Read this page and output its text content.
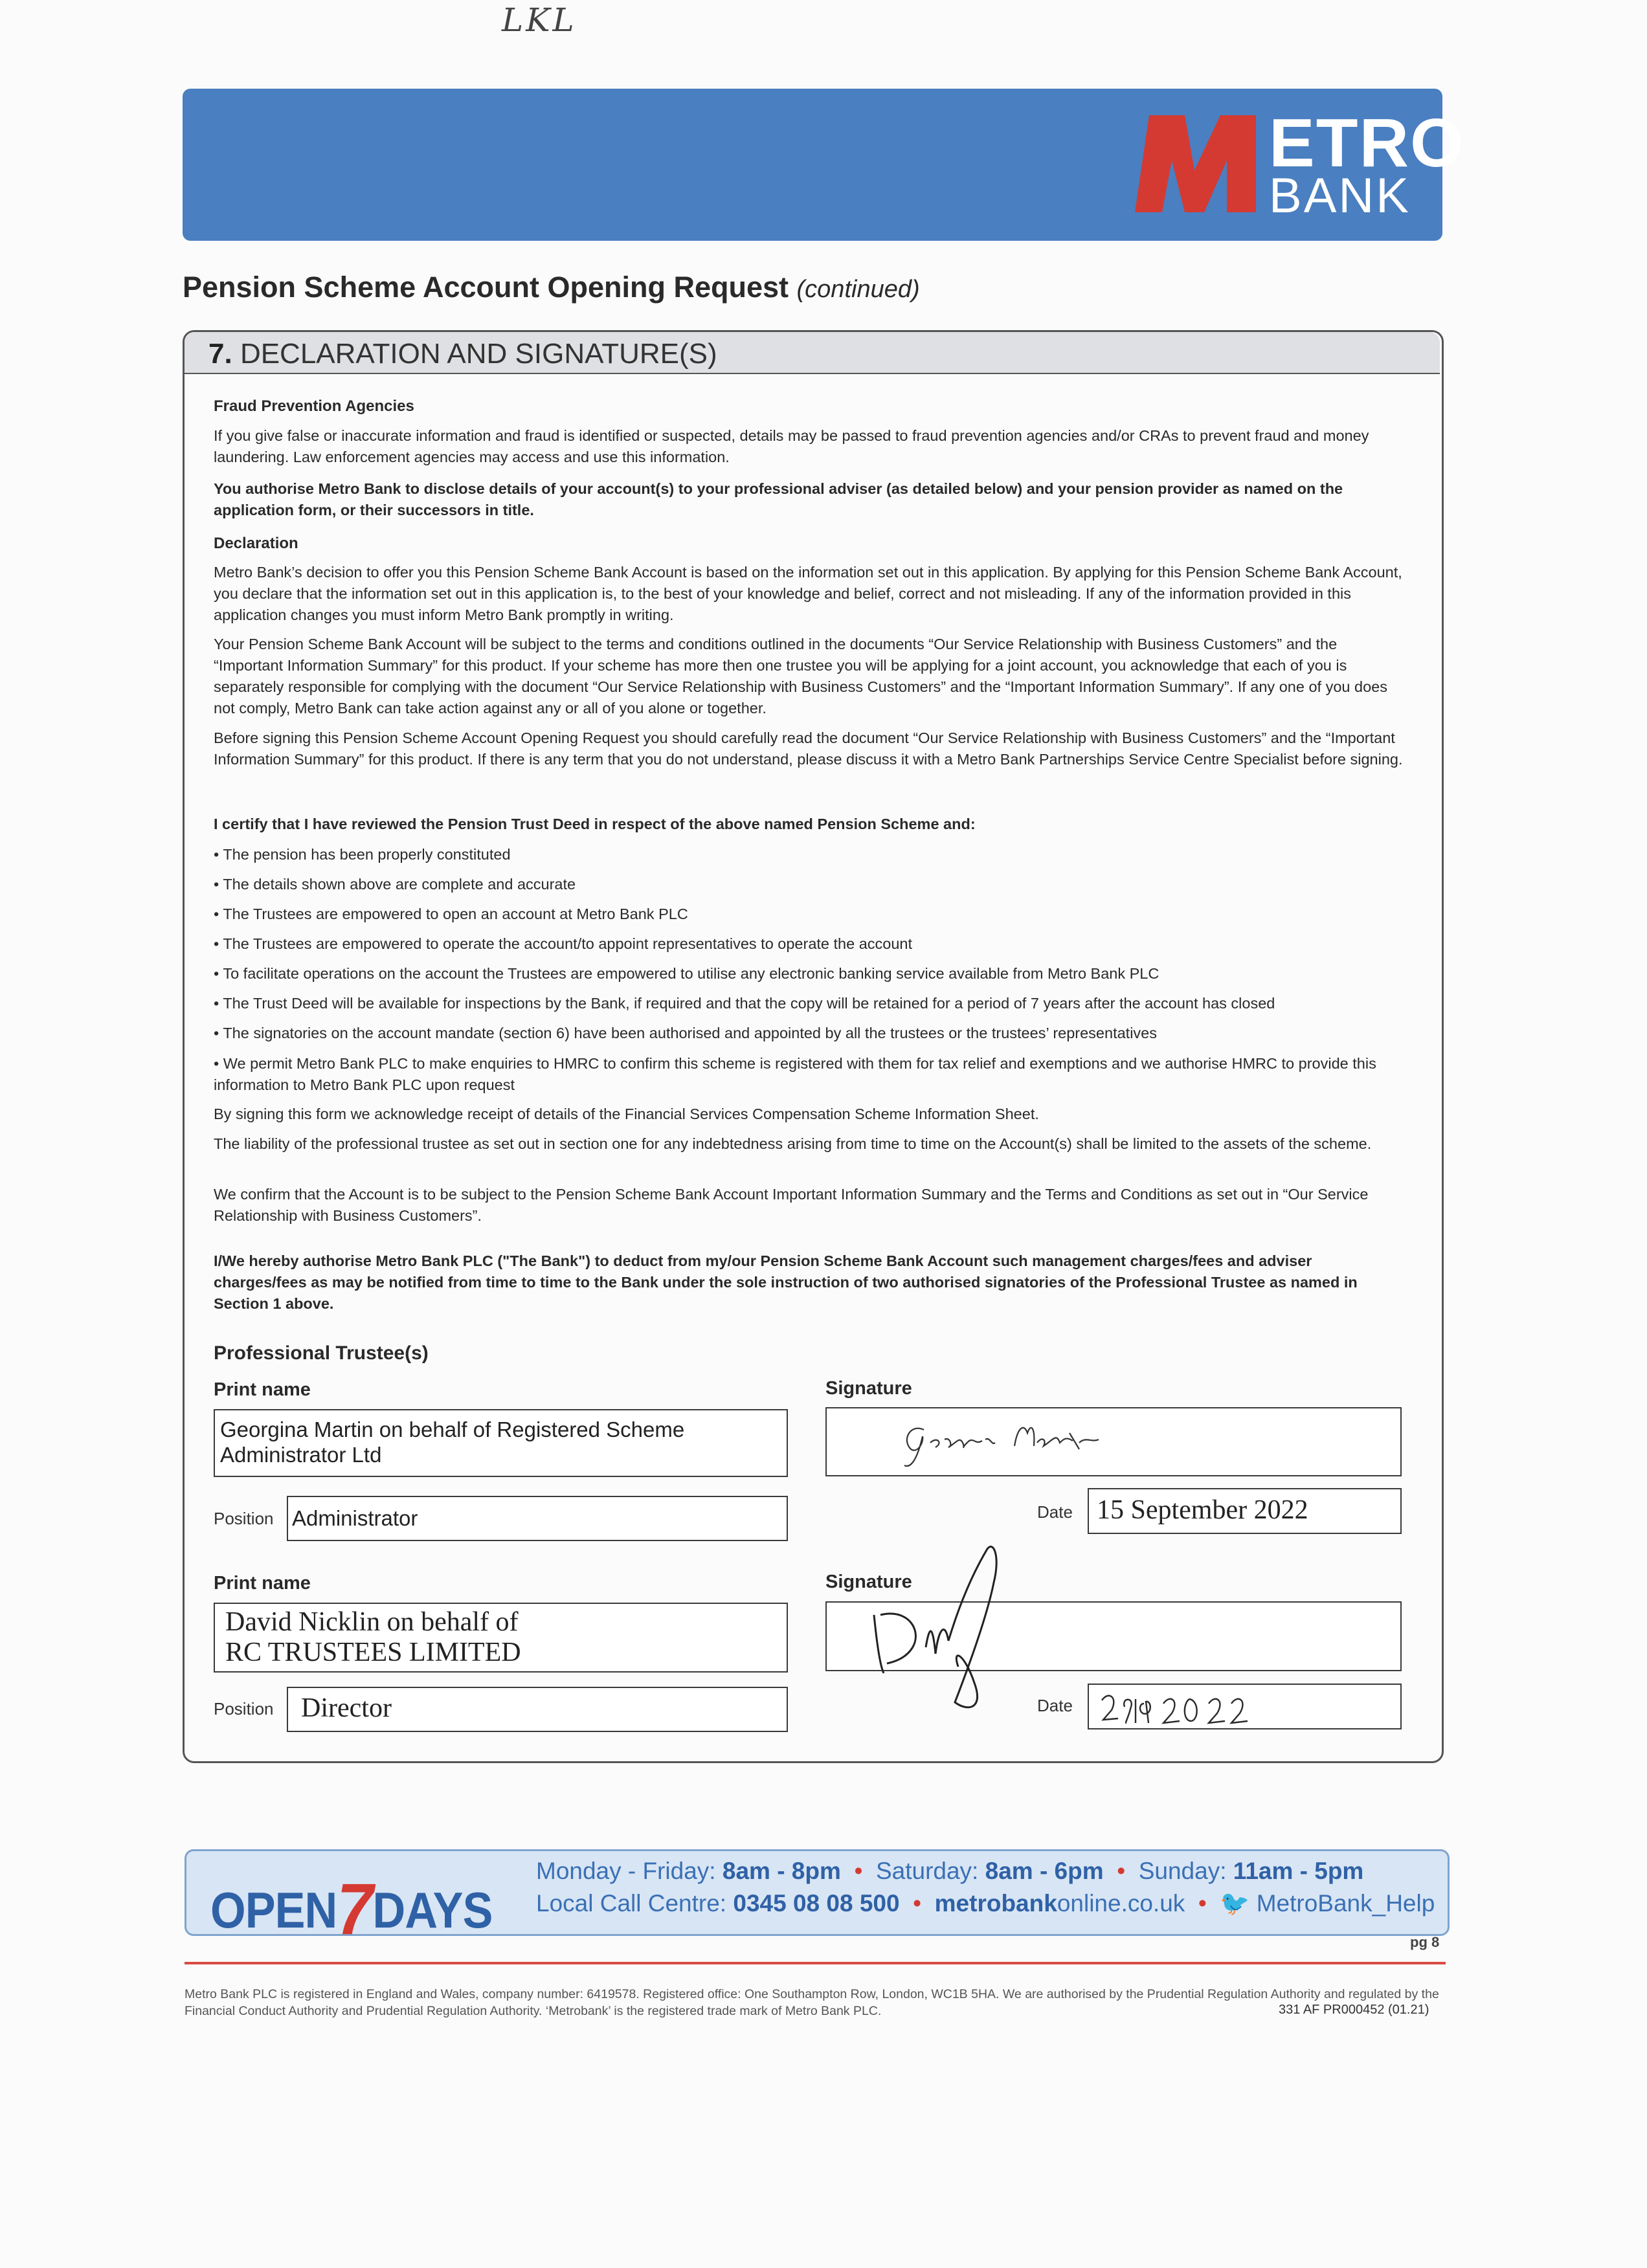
LKL
ETRO
BANK
Pension Scheme Account Opening Request (continued)
7. DECLARATION AND SIGNATURE(S)
Fraud Prevention Agencies
If you give false or inaccurate information and fraud is identified or suspected, details may be passed to fraud prevention agencies and/or CRAs to prevent fraud and money laundering. Law enforcement agencies may access and use this information.
You authorise Metro Bank to disclose details of your account(s) to your professional adviser (as detailed below) and your pension provider as named on the application form, or their successors in title.
Declaration
Metro Bank’s decision to offer you this Pension Scheme Bank Account is based on the information set out in this application. By applying for this Pension Scheme Bank Account, you declare that the information set out in this application is, to the best of your knowledge and belief, correct and not misleading. If any of the information provided in this application changes you must inform Metro Bank promptly in writing.
Your Pension Scheme Bank Account will be subject to the terms and conditions outlined in the documents “Our Service Relationship with Business Customers” and the “Important Information Summary” for this product. If your scheme has more then one trustee you will be applying for a joint account, you acknowledge that each of you is separately responsible for complying with the document “Our Service Relationship with Business Customers” and the “Important Information Summary”. If any one of you does not comply, Metro Bank can take action against any or all of you alone or together.
Before signing this Pension Scheme Account Opening Request you should carefully read the document “Our Service Relationship with Business Customers” and the “Important Information Summary” for this product. If there is any term that you do not understand, please discuss it with a Metro Bank Partnerships Service Centre Specialist before signing.
I certify that I have reviewed the Pension Trust Deed in respect of the above named Pension Scheme and:
• The pension has been properly constituted
• The details shown above are complete and accurate
• The Trustees are empowered to open an account at Metro Bank PLC
• The Trustees are empowered to operate the account/to appoint representatives to operate the account
• To facilitate operations on the account the Trustees are empowered to utilise any electronic banking service available from Metro Bank PLC
• The Trust Deed will be available for inspections by the Bank, if required and that the copy will be retained for a period of 7 years after the account has closed
• The signatories on the account mandate (section 6) have been authorised and appointed by all the trustees or the trustees’ representatives
• We permit Metro Bank PLC to make enquiries to HMRC to confirm this scheme is registered with them for tax relief and exemptions and we authorise HMRC to provide this information to Metro Bank PLC upon request
By signing this form we acknowledge receipt of details of the Financial Services Compensation Scheme Information Sheet.
The liability of the professional trustee as set out in section one for any indebtedness arising from time to time on the Account(s) shall be limited to the assets of the scheme.
We confirm that the Account is to be subject to the Pension Scheme Bank Account Important Information Summary and the Terms and Conditions as set out in “Our Service Relationship with Business Customers”.
I/We hereby authorise Metro Bank PLC ("The Bank") to deduct from my/our Pension Scheme Bank Account such management charges/fees and adviser charges/fees as may be notified from time to time to the Bank under the sole instruction of two authorised signatories of the Professional Trustee as named in Section 1 above.
Professional Trustee(s)
Print name	Signature
Georgina Martin on behalf of Registered Scheme
Administrator Ltd
Position Administrator	Date 15 September 2022
Print name	Signature
David Nicklin on behalf of
RC TRUSTEES LIMITED
Position Director	Date
OPEN7DAYS
Monday - Friday: 8am - 8pm  •  Saturday: 8am - 6pm  •  Sunday: 11am - 5pm
Local Call Centre: 0345 08 08 500  •  metrobankonline.co.uk  •  🐦 MetroBank_Help
pg 8
Metro Bank PLC is registered in England and Wales, company number: 6419578. Registered office: One Southampton Row, London, WC1B 5HA. We are authorised by the Prudential Regulation Authority and regulated by the Financial Conduct Authority and Prudential Regulation Authority. ‘Metrobank’ is the registered trade mark of Metro Bank PLC.	331 AF PR000452 (01.21)
